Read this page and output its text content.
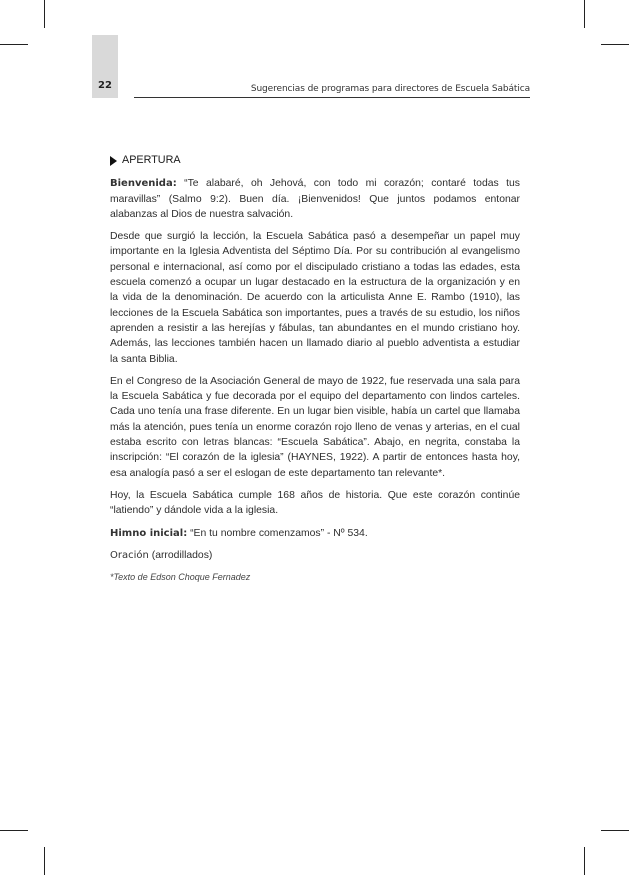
22	Sugerencias de programas para directores de Escuela Sabática
APERTURA

Bienvenida: “Te alabaré, oh Jehová, con todo mi corazón; contaré todas tus maravillas” (Salmo 9:2). Buen día. ¡Bienvenidos! Que juntos podamos entonar alabanzas al Dios de nuestra salvación.

Desde que surgió la lección, la Escuela Sabática pasó a desempeñar un papel muy importante en la Iglesia Adventista del Séptimo Día. Por su contribución al evangelismo personal e internacional, así como por el discipulado cristiano a todas las edades, esta escuela comenzó a ocupar un lugar destacado en la estructura de la organización y en la vida de la denominación. De acuerdo con la articulista Anne E. Rambo (1910), las lecciones de la Escuela Sabática son importantes, pues a través de su estudio, los niños aprenden a resistir a las herejías y fábulas, tan abundantes en el mundo cristiano hoy. Además, las lecciones también hacen un llamado diario al pueblo adventista a estudiar la santa Biblia.

En el Congreso de la Asociación General de mayo de 1922, fue reservada una sala para la Escuela Sabática y fue decorada por el equipo del departamento con lindos carteles. Cada uno tenía una frase diferente. En un lugar bien visible, había un cartel que llamaba más la atención, pues tenía un enorme corazón rojo lleno de venas y arterias, en el cual estaba escrito con letras blancas: “Escuela Sabática”. Abajo, en negrita, constaba la inscripción: “El corazón de la iglesia” (HAYNES, 1922). A partir de entonces hasta hoy, esa analogía pasó a ser el eslogan de este departamento tan relevante*.

Hoy, la Escuela Sabática cumple 168 años de historia. Que este corazón continúe “latiendo” y dándole vida a la iglesia.

Himno inicial: “En tu nombre comenzamos” - Nº 534.

Oración (arrodillados)

*Texto de Edson Choque Fernadez
